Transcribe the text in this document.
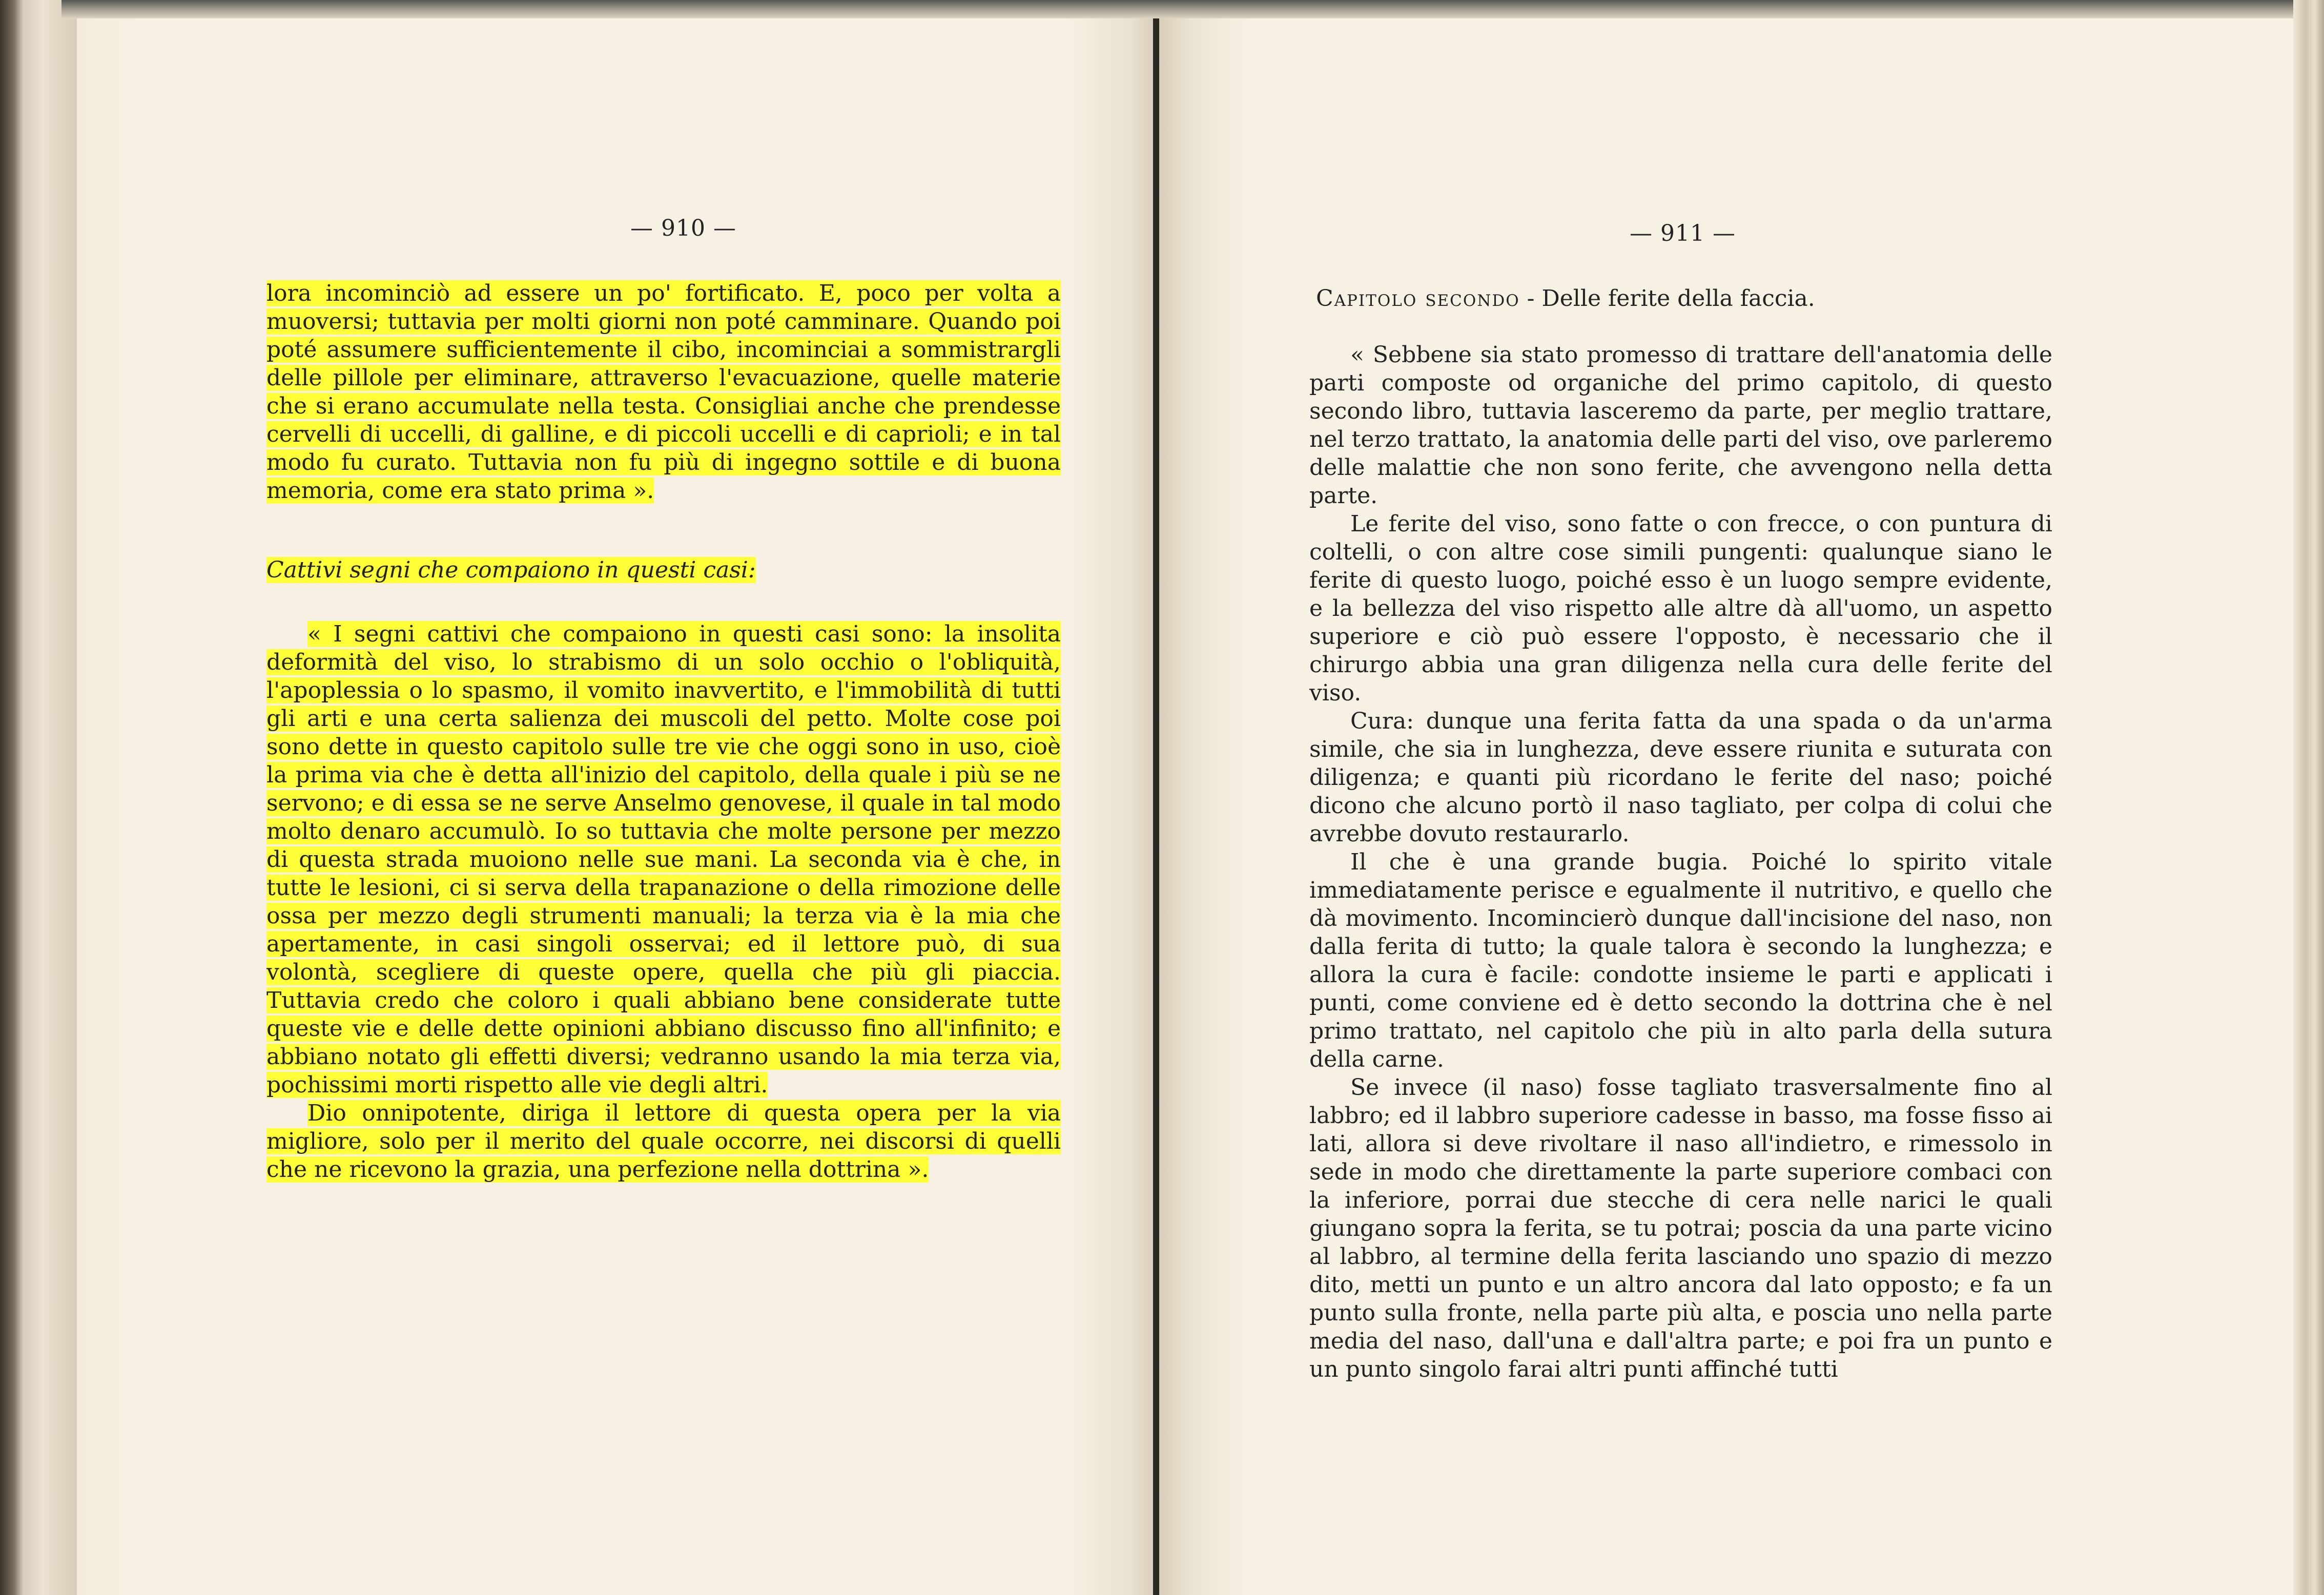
— 910 —

lora incominciò ad essere un po' fortificato. E, poco per volta a muoversi; tuttavia per molti giorni non poté camminare. Quando poi poté assumere sufficientemente il cibo, incominciai a sommistrargli delle pillole per eliminare, attraverso l'evacuazione, quelle materie che si erano accumulate nella testa. Consigliai anche che prendesse cervelli di uccelli, di galline, e di piccoli uccelli e di caprioli; e in tal modo fu curato. Tuttavia non fu più di ingegno sottile e di buona memoria, come era stato prima ».

Cattivi segni che compaiono in questi casi:

« I segni cattivi che compaiono in questi casi sono: la insolita deformità del viso, lo strabismo di un solo occhio o l'obliquità, l'apoplessia o lo spasmo, il vomito inavvertito, e l'immobilità di tutti gli arti e una certa salienza dei muscoli del petto. Molte cose poi sono dette in questo capitolo sulle tre vie che oggi sono in uso, cioè la prima via che è detta all'inizio del capitolo, della quale i più se ne servono; e di essa se ne serve Anselmo genovese, il quale in tal modo molto denaro accumulò. Io so tuttavia che molte persone per mezzo di questa strada muoiono nelle sue mani. La seconda via è che, in tutte le lesioni, ci si serva della trapanazione o della rimozione delle ossa per mezzo degli strumenti manuali; la terza via è la mia che apertamente, in casi singoli osservai; ed il lettore può, di sua volontà, scegliere di queste opere, quella che più gli piaccia. Tuttavia credo che coloro i quali abbiano bene considerate tutte queste vie e delle dette opinioni abbiano discusso fino all'infinito; e abbiano notato gli effetti diversi; vedranno usando la mia terza via, pochissimi morti rispetto alle vie degli altri.

Dio onnipotente, diriga il lettore di questa opera per la via migliore, solo per il merito del quale occorre, nei discorsi di quelli che ne ricevono la grazia, una perfezione nella dottrina ».

— 911 —
Capitolo secondo - Delle ferite della faccia.

« Sebbene sia stato promesso di trattare dell'anatomia delle parti composte od organiche del primo capitolo, di questo secondo libro, tuttavia lasceremo da parte, per meglio trattare, nel terzo trattato, la anatomia delle parti del viso, ove parleremo delle malattie che non sono ferite, che avvengono nella detta parte.

Le ferite del viso, sono fatte o con frecce, o con puntura di coltelli, o con altre cose simili pungenti: qualunque siano le ferite di questo luogo, poiché esso è un luogo sempre evidente, e la bellezza del viso rispetto alle altre dà all'uomo, un aspetto superiore e ciò può essere l'opposto, è necessario che il chirurgo abbia una gran diligenza nella cura delle ferite del viso.

Cura: dunque una ferita fatta da una spada o da un'arma simile, che sia in lunghezza, deve essere riunita e suturata con diligenza; e quanti più ricordano le ferite del naso; poiché dicono che alcuno portò il naso tagliato, per colpa di colui che avrebbe dovuto restaurarlo.

Il che è una grande bugia. Poiché lo spirito vitale immediatamente perisce e egualmente il nutritivo, e quello che dà movimento. Incomincierò dunque dall'incisione del naso, non dalla ferita di tutto; la quale talora è secondo la lunghezza; e allora la cura è facile: condotte insieme le parti e applicati i punti, come conviene ed è detto secondo la dottrina che è nel primo trattato, nel capitolo che più in alto parla della sutura della carne.

Se invece (il naso) fosse tagliato trasversalmente fino al labbro; ed il labbro superiore cadesse in basso, ma fosse fisso ai lati, allora si deve rivoltare il naso all'indietro, e rimessolo in sede in modo che direttamente la parte superiore combaci con la inferiore, porrai due stecche di cera nelle narici le quali giungano sopra la ferita, se tu potrai; poscia da una parte vicino al labbro, al termine della ferita lasciando uno spazio di mezzo dito, metti un punto e un altro ancora dal lato opposto; e fa un punto sulla fronte, nella parte più alta, e poscia uno nella parte media del naso, dall'una e dall'altra parte; e poi fra un punto e un punto singolo farai altri punti affinché tutti
